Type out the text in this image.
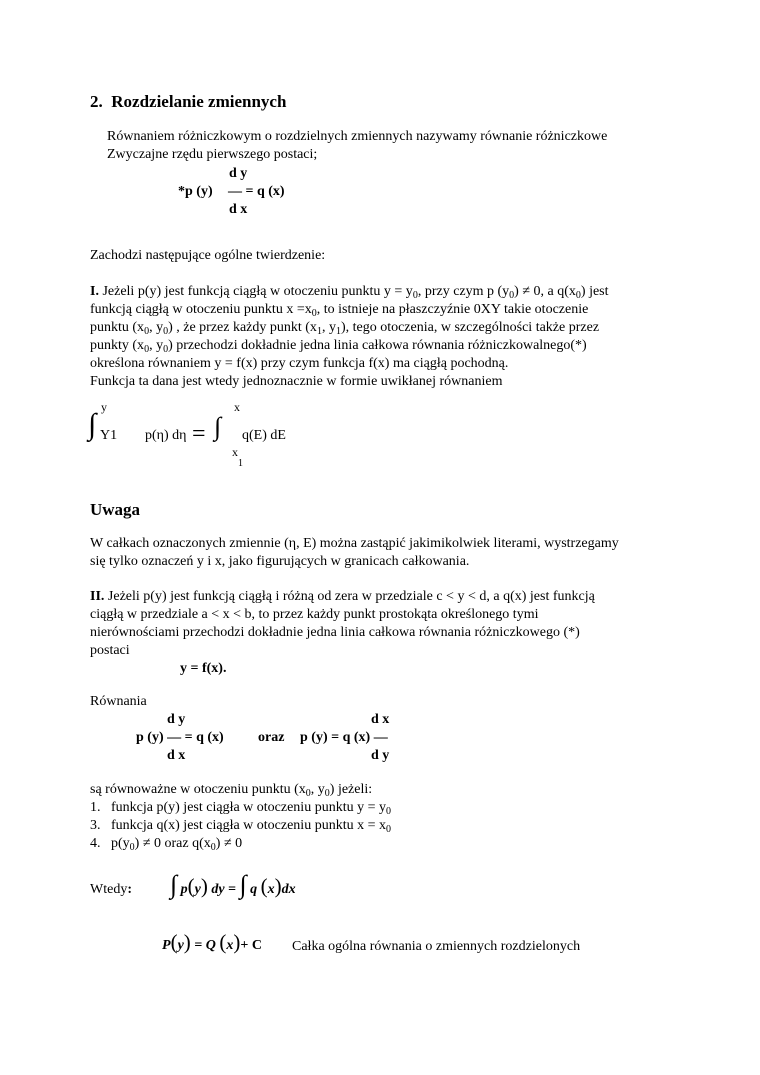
2. Rozdzielanie zmiennych
Równaniem różniczkowym o rozdzielnych zmiennych nazywamy równanie różniczkowe
Zwyczajne rzędu pierwszego postaci;
d y
*p (y) — = q (x)
d x
Zachodzi następujące ogólne twierdzenie:
I. Jeżeli p(y) jest funkcją ciągłą w otoczeniu punktu $y = y_0$, przy czym p $(y_0) \ne 0$, a $q(x_0)$ jest
funkcją ciągłą w otoczeniu punktu $x =x_0$, to istnieje na płaszczyźnie 0XY takie otoczenie
punktu ($x_0$, $y_0$) , że przez każdy punkt ($x_1$, $y_1$), tego otoczenia, w szczególności także przez
punkty ($x_0$, $y_0$) przechodzi dokładnie jedna linia całkowa równania różniczkowalnego(*)
określona równaniem y = f(x) przy czym funkcja f(x) ma ciągłą pochodną.
Funkcja ta dana jest wtedy jednoznacznie w formie uwikłanej równaniem
y
∫ Y1 p(η) dη =
x
∫ q(E) dE
x
1
Uwaga
W całkach oznaczonych zmiennie (η, E) można zastąpić jakimikolwiek literami, wystrzegamy
się tylko oznaczeń y i x, jako figurujących w granicach całkowania.
II. Jeżeli p(y) jest funkcją ciągłą i różną od zera w przedziale c < y < d, a q(x) jest funkcją
ciągłą w przedziale a < x < b, to przez każdy punkt prostokąta określonego tymi
nierównościami przechodzi dokładnie jedna linia całkowa równania różniczkowego (*)
postaci
y = f(x).
Równania
d y
p (y) — = q (x)
d x
oraz p (y) = q (x) —
d x
d y
są równoważne w otoczeniu punktu ($x_0$, $y_0$) jeżeli:
1. funkcja p(y) jest ciągła w otoczeniu punktu $y = y_0$
3. funkcja q(x) jest ciągła w otoczeniu punktu $x = x_0$
4. $p(y_0) \ne 0$ oraz $q(x_0) \ne 0$
Wtedy: ∫ p(y) dy = ∫ q (x)dx
P(y) = Q (x)+ C Całka ogólna równania o zmiennych rozdzielonych
